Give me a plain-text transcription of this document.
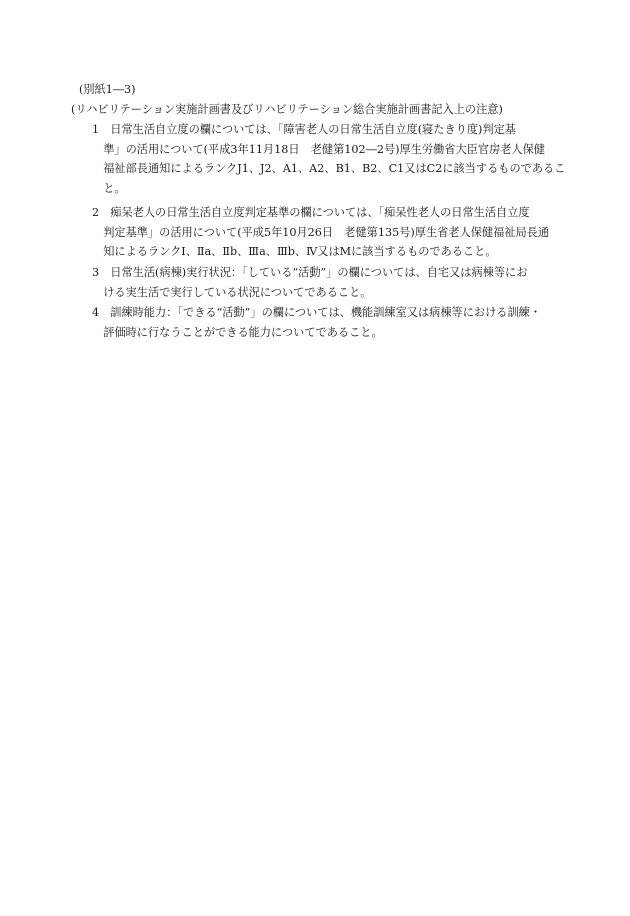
(別紙1―3)
(リハビリテーション実施計画書及びリハビリテーション総合実施計画書記入上の注意)
1　日常生活自立度の欄については、「障害老人の日常生活自立度(寝たきり度)判定基
　準」の活用について(平成3年11月18日　老健第102―2号)厚生労働省大臣官房老人保健
　福祉部長通知によるランクJ1、J2、A1、A2、B1、B2、C1又はC2に該当するものであるこ
　と。
2　痴呆老人の日常生活自立度判定基準の欄については、「痴呆性老人の日常生活自立度
　判定基準」の活用について(平成5年10月26日　老健第135号)厚生省老人保健福祉局長通
　知によるランクⅠ、Ⅱa、Ⅱb、Ⅲa、Ⅲb、Ⅳ又はMに該当するものであること。
3　日常生活(病棟)実行状況：「している“活動”」の欄については、自宅又は病棟等にお
　ける実生活で実行している状況についてであること。
4　訓練時能力：「できる“活動”」の欄については、機能訓練室又は病棟等における訓練・
　評価時に行なうことができる能力についてであること。
